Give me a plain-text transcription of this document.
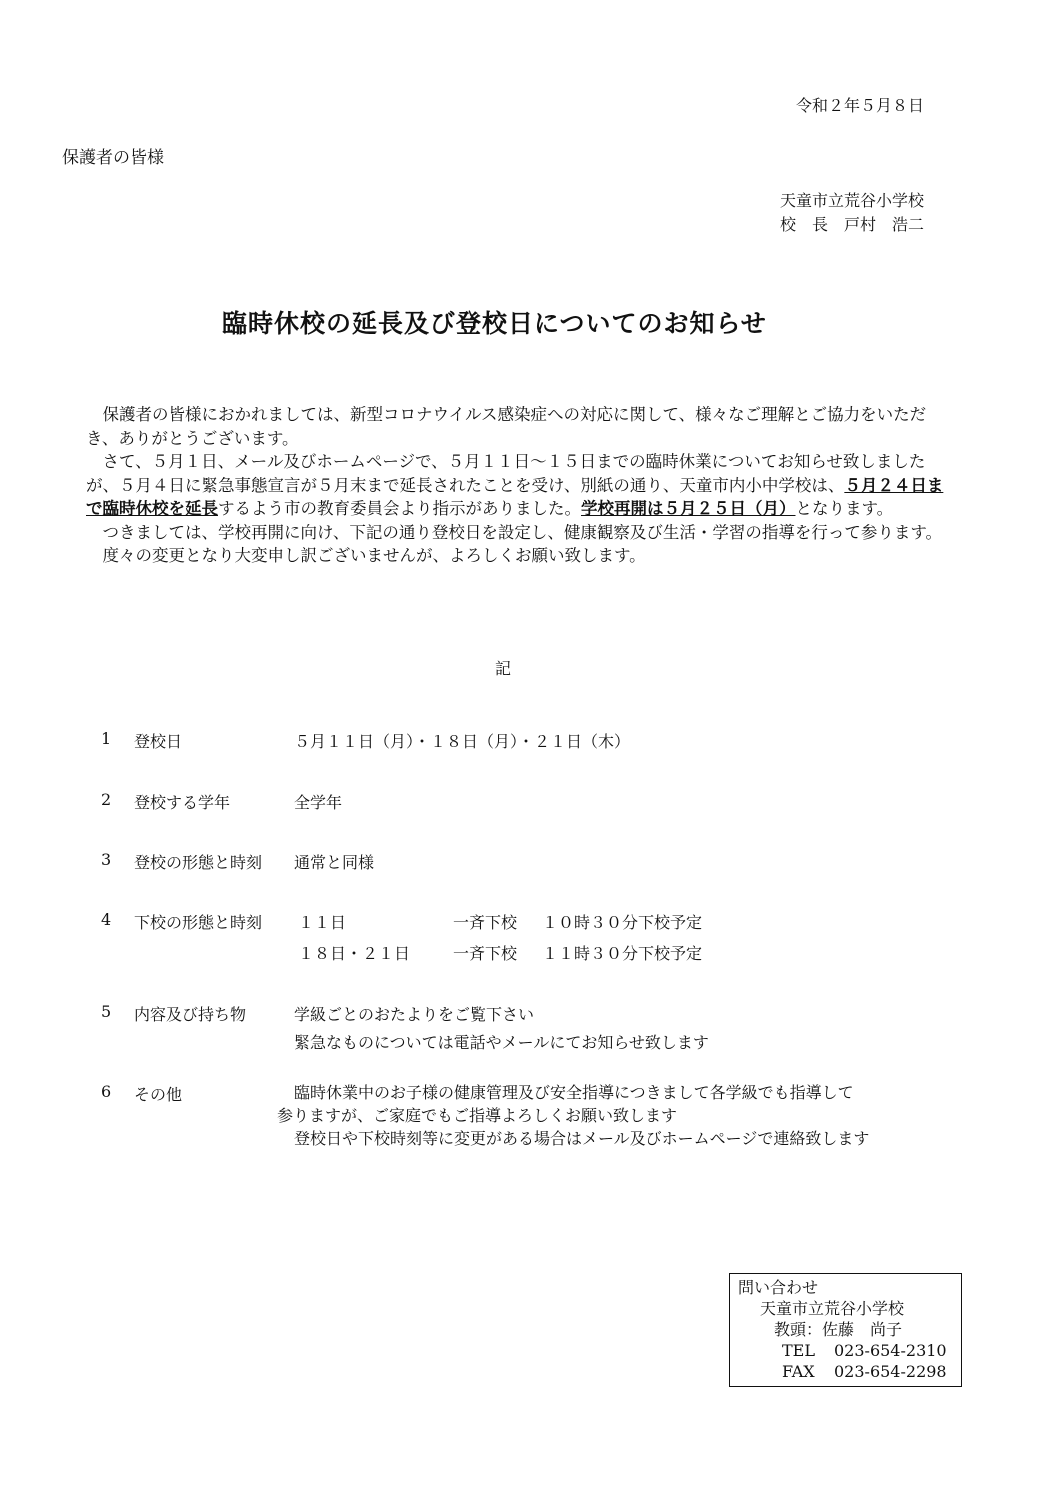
令和２年５月８日
保護者の皆様
天童市立荒谷小学校
校　長　戸村　浩二
臨時休校の延長及び登校日についてのお知らせ

保護者の皆様におかれましては、新型コロナウイルス感染症への対応に関して、様々なご理解とご協力をいただき、ありがとうございます。

さて、５月１日、メール及びホームページで、５月１１日～１５日までの臨時休業についてお知らせ致しましたが、５月４日に緊急事態宣言が５月末まで延長されたことを受け、別紙の通り、天童市内小中学校は、５月２４日まで臨時休校を延長するよう市の教育委員会より指示がありました。学校再開は５月２５日（月）となります。

つきましては、学校再開に向け、下記の通り登校日を設定し、健康観察及び生活・学習の指導を行って参ります。

度々の変更となり大変申し訳ございませんが、よろしくお願い致します。

記
1 登校日	５月１１日（月）・１８日（月）・２１日（木）
2 登校する学年	全学年
3 登校の形態と時刻 通常と同様
4 下校の形態と時刻 １１日	一斉下校 １０時３０分下校予定
１８日・２１日	一斉下校 １１時３０分下校予定
5 内容及び持ち物	学級ごとのおたよりをご覧下さい
緊急なものについては電話やメールにてお知らせ致します
6 その他	臨時休業中のお子様の健康管理及び安全指導につきまして各学級でも指導して
参りますが、ご家庭でもご指導よろしくお願い致します
登校日や下校時刻等に変更がある場合はメール及びホームページで連絡致します
問い合わせ
天童市立荒谷小学校
教頭：佐藤　尚子
TEL 023-654-2310
FAX 023-654-2298
